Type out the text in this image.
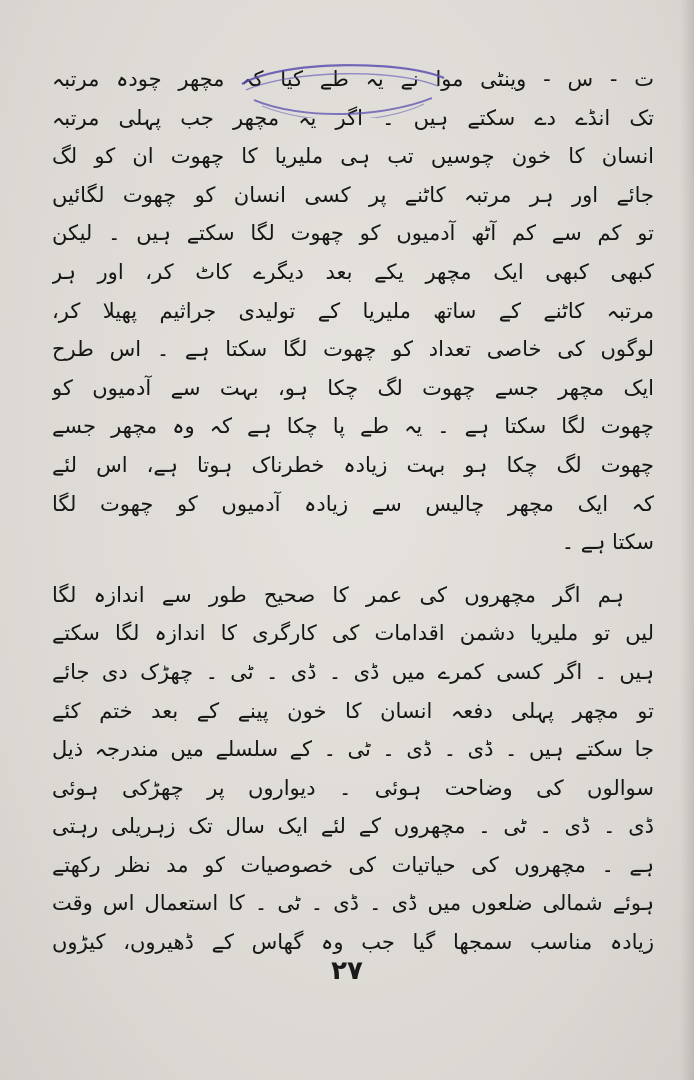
ت - س - وینٹی موا نے یہ طے کیا کہ مچھر چودہ مرتبہ
تک انڈے دے سکتے ہیں ۔ اگر یہ مچھر جب پہلی مرتبہ
انسان کا خون چوسیں تب ہی ملیریا کا چھوت ان کو لگ
جائے اور ہر مرتبہ کاٹنے پر کسی انسان کو چھوت لگائیں
تو کم سے کم آٹھ آدمیوں کو چھوت لگا سکتے ہیں ۔ لیکن
کبھی کبھی ایک مچھر یکے بعد دیگرے کاٹ کر، اور ہر
مرتبہ کاٹنے کے ساتھ ملیریا کے تولیدی جراثیم پھیلا کر،
لوگوں کی خاصی تعداد کو چھوت لگا سکتا ہے ۔ اس طرح
ایک مچھر جسے چھوت لگ چکا ہو، بہت سے آدمیوں کو
چھوت لگا سکتا ہے ۔ یہ طے پا چکا ہے کہ وہ مچھر جسے
چھوت لگ چکا ہو بہت زیادہ خطرناک ہوتا ہے، اس لئے
کہ ایک مچھر چالیس سے زیادہ آدمیوں کو چھوت لگا
سکتا ہے ۔
ہم اگر مچھروں کی عمر کا صحیح طور سے اندازہ لگا
لیں تو ملیریا دشمن اقدامات کی کارگری کا اندازہ لگا سکتے
ہیں ۔ اگر کسی کمرے میں ڈی ۔ ڈی ۔ ٹی ۔ چھڑک دی جائے
تو مچھر پہلی دفعہ انسان کا خون پینے کے بعد ختم کئے
جا سکتے ہیں ۔ ڈی ۔ ڈی ۔ ٹی ۔ کے سلسلے میں مندرجہ ذیل
سوالوں کی وضاحت ہوئی ۔ دیواروں پر چھڑکی ہوئی
ڈی ۔ ڈی ۔ ٹی ۔ مچھروں کے لئے ایک سال تک زہریلی رہتی
ہے ۔ مچھروں کی حیاتیات کی خصوصیات کو مد نظر رکھتے
ہوئے شمالی ضلعوں میں ڈی ۔ ڈی ۔ ٹی ۔ کا استعمال اس وقت
زیادہ مناسب سمجھا گیا جب وہ گھاس کے ڈھیروں، کیڑوں
٢٧
